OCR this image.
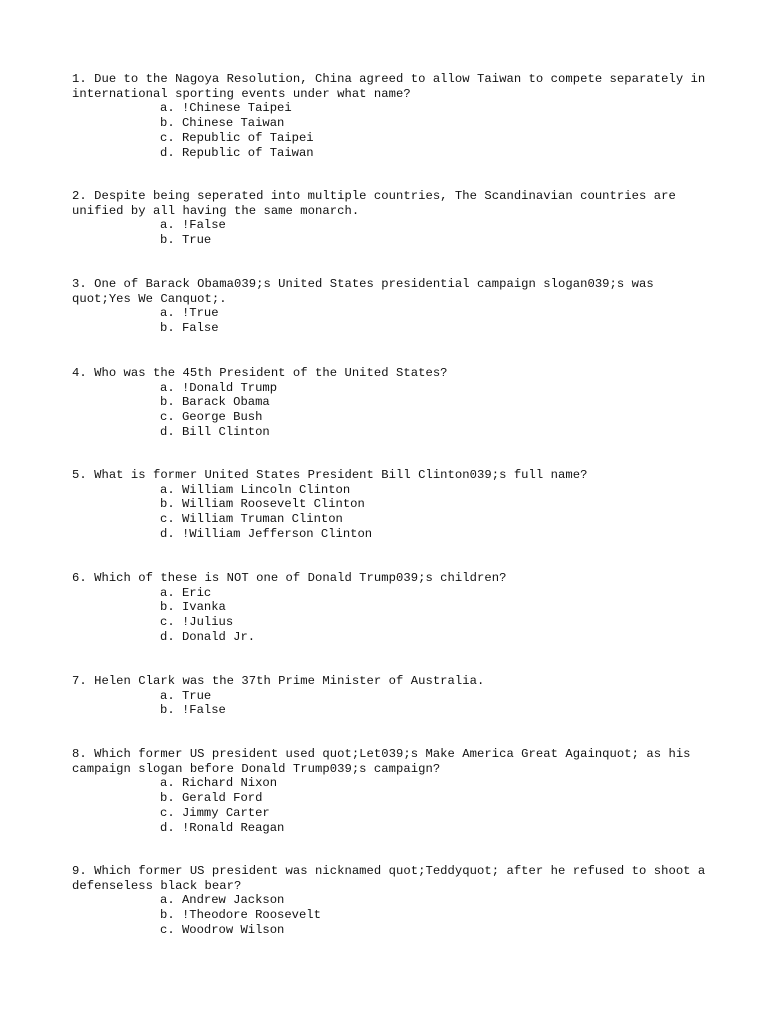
1. Due to the Nagoya Resolution, China agreed to allow Taiwan to compete separately in international sporting events under what name?

a. !Chinese Taipei
b. Chinese Taiwan
c. Republic of Taipei
d. Republic of Taiwan

2. Despite being seperated into multiple countries, The Scandinavian countries are unified by all having the same monarch.

a. !False
b. True

3. One of Barack Obama039;s United States presidential campaign slogan039;s was quot;Yes We Canquot;.

a. !True
b. False

4. Who was the 45th President of the United States?

a. !Donald Trump
b. Barack Obama
c. George Bush
d. Bill Clinton

5. What is former United States President Bill Clinton039;s full name?

a. William Lincoln Clinton
b. William Roosevelt Clinton
c. William Truman Clinton
d. !William Jefferson Clinton

6. Which of these is NOT one of Donald Trump039;s children?

a. Eric
b. Ivanka
c. !Julius
d. Donald Jr.

7. Helen Clark was the 37th Prime Minister of Australia.

a. True
b. !False

8. Which former US president used quot;Let039;s Make America Great Againquot; as his campaign slogan before Donald Trump039;s campaign?

a. Richard Nixon
b. Gerald Ford
c. Jimmy Carter
d. !Ronald Reagan

9. Which former US president was nicknamed quot;Teddyquot; after he refused to shoot a defenseless black bear?

a. Andrew Jackson
b. !Theodore Roosevelt
c. Woodrow Wilson
